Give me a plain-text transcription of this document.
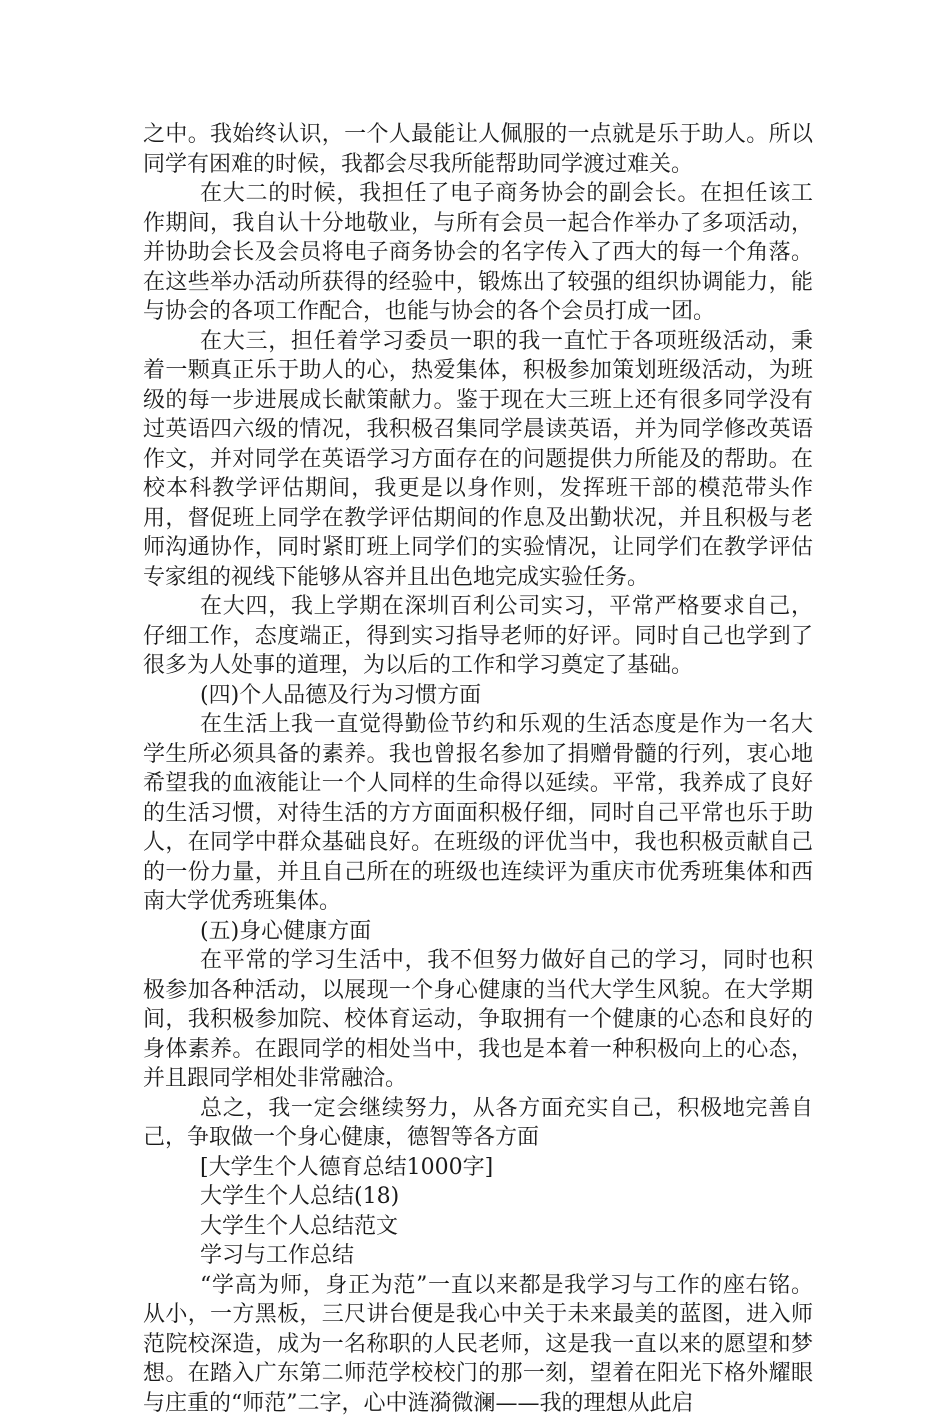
之中。我始终认识，一个人最能让人佩服的一点就是乐于助人。所以同学有困难的时候，我都会尽我所能帮助同学渡过难关。

在大二的时候，我担任了电子商务协会的副会长。在担任该工作期间，我自认十分地敬业，与所有会员一起合作举办了多项活动，并协助会长及会员将电子商务协会的名字传入了西大的每一个角落。在这些举办活动所获得的经验中，锻炼出了较强的组织协调能力，能与协会的各项工作配合，也能与协会的各个会员打成一团。

在大三，担任着学习委员一职的我一直忙于各项班级活动，秉着一颗真正乐于助人的心，热爱集体，积极参加策划班级活动，为班级的每一步进展成长献策献力。鉴于现在大三班上还有很多同学没有过英语四六级的情况，我积极召集同学晨读英语，并为同学修改英语作文，并对同学在英语学习方面存在的问题提供力所能及的帮助。在校本科教学评估期间，我更是以身作则，发挥班干部的模范带头作用，督促班上同学在教学评估期间的作息及出勤状况，并且积极与老师沟通协作，同时紧盯班上同学们的实验情况，让同学们在教学评估专家组的视线下能够从容并且出色地完成实验任务。

在大四，我上学期在深圳百利公司实习，平常严格要求自己，仔细工作，态度端正，得到实习指导老师的好评。同时自己也学到了很多为人处事的道理，为以后的工作和学习奠定了基础。

(四)个人品德及行为习惯方面

在生活上我一直觉得勤俭节约和乐观的生活态度是作为一名大学生所必须具备的素养。我也曾报名参加了捐赠骨髓的行列，衷心地希望我的血液能让一个人同样的生命得以延续。平常，我养成了良好的生活习惯，对待生活的方方面面积极仔细，同时自己平常也乐于助人，在同学中群众基础良好。在班级的评优当中，我也积极贡献自己的一份力量，并且自己所在的班级也连续评为重庆市优秀班集体和西南大学优秀班集体。

(五)身心健康方面

在平常的学习生活中，我不但努力做好自己的学习，同时也积极参加各种活动，以展现一个身心健康的当代大学生风貌。在大学期间，我积极参加院、校体育运动，争取拥有一个健康的心态和良好的身体素养。在跟同学的相处当中，我也是本着一种积极向上的心态，并且跟同学相处非常融洽。

总之，我一定会继续努力，从各方面充实自己，积极地完善自己，争取做一个身心健康，德智等各方面

[大学生个人德育总结1000字]

大学生个人总结(18)

大学生个人总结范文

学习与工作总结

“学高为师，身正为范”一直以来都是我学习与工作的座右铭。从小，一方黑板，三尺讲台便是我心中关于未来最美的蓝图，进入师范院校深造，成为一名称职的人民老师，这是我一直以来的愿望和梦想。在踏入广东第二师范学校校门的那一刻，望着在阳光下格外耀眼与庄重的“师范”二字，心中涟漪微澜——我的理想从此启
